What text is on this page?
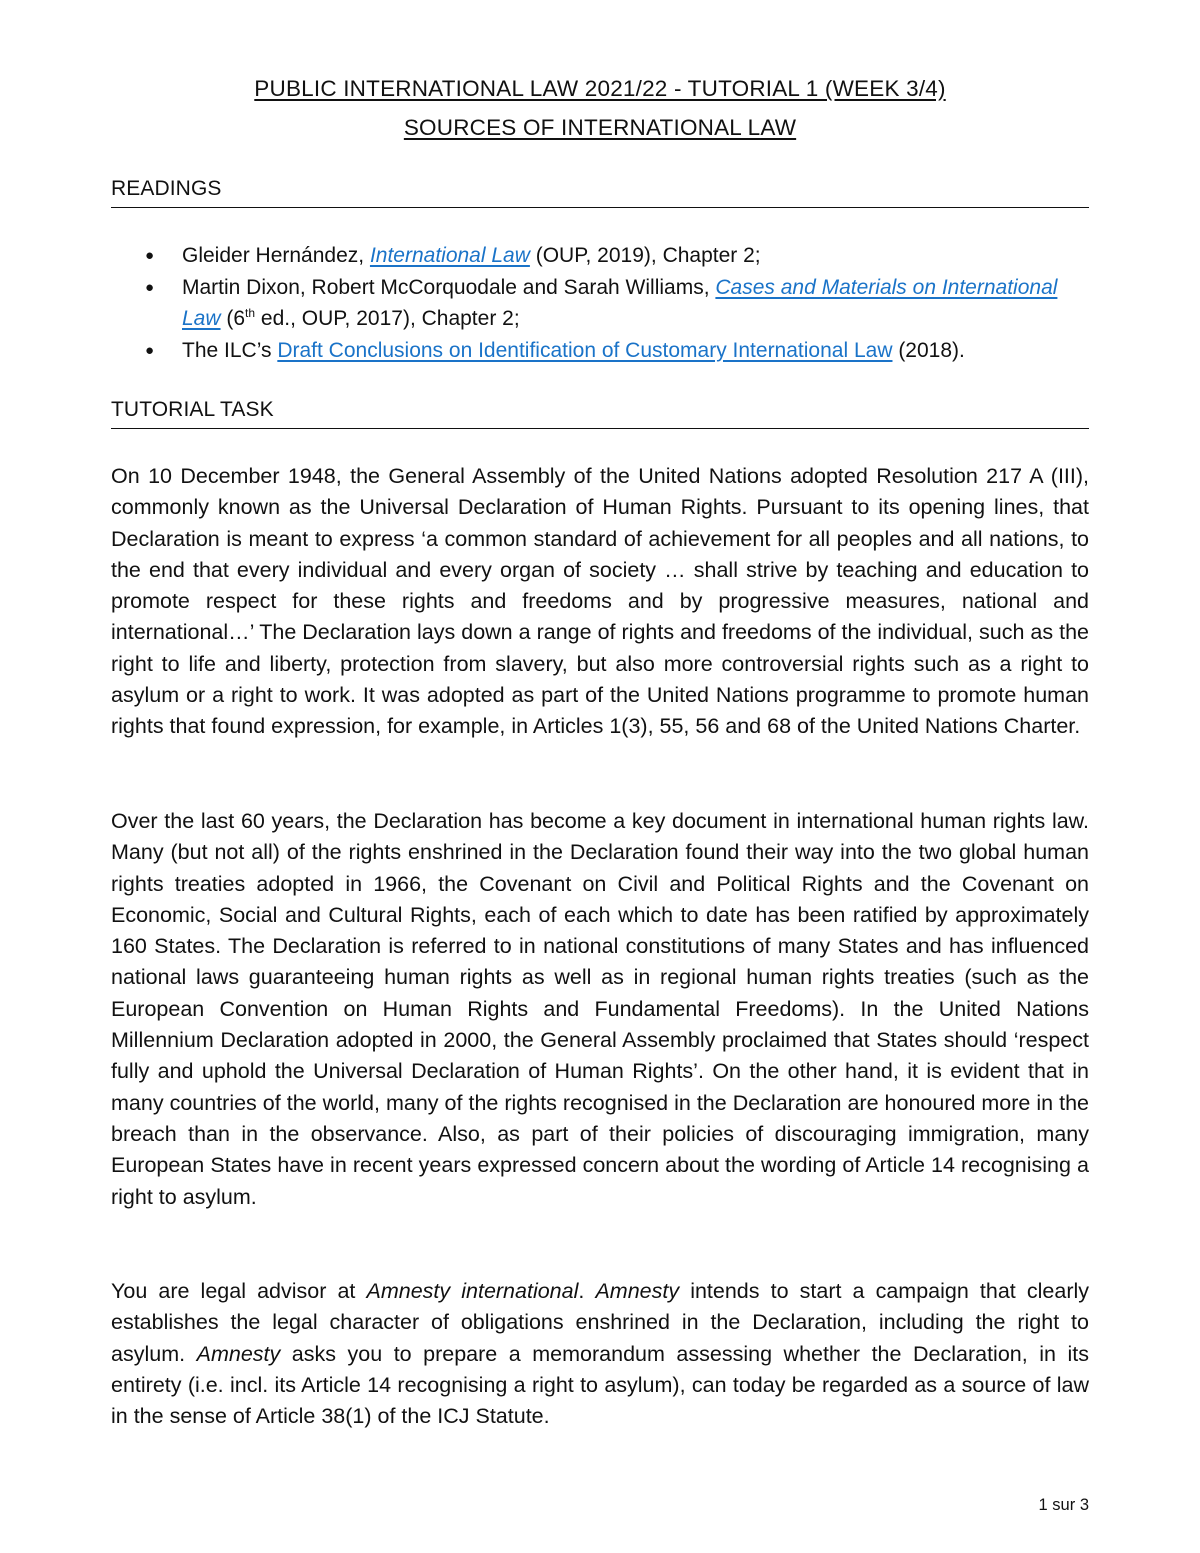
PUBLIC INTERNATIONAL LAW 2021/22 - TUTORIAL 1 (WEEK 3/4)
SOURCES OF INTERNATIONAL LAW
READINGS
● Gleider Hernández, International Law (OUP, 2019), Chapter 2;
● Martin Dixon, Robert McCorquodale and Sarah Williams, Cases and Materials on International Law (6th ed., OUP, 2017), Chapter 2;
● The ILC’s Draft Conclusions on Identification of Customary International Law (2018).
TUTORIAL TASK

On 10 December 1948, the General Assembly of the United Nations adopted Resolution 217 A (III), commonly known as the Universal Declaration of Human Rights. Pursuant to its opening lines, that Declaration is meant to express ‘a common standard of achievement for all peoples and all nations, to the end that every individual and every organ of society … shall strive by teaching and education to promote respect for these rights and freedoms and by progressive measures, national and international…’ The Declaration lays down a range of rights and freedoms of the individual, such as the right to life and liberty, protection from slavery, but also more controversial rights such as a right to asylum or a right to work. It was adopted as part of the United Nations programme to promote human rights that found expression, for example, in Articles 1(3), 55, 56 and 68 of the United Nations Charter.

Over the last 60 years, the Declaration has become a key document in international human rights law. Many (but not all) of the rights enshrined in the Declaration found their way into the two global human rights treaties adopted in 1966, the Covenant on Civil and Political Rights and the Covenant on Economic, Social and Cultural Rights, each of each which to date has been ratified by approximately 160 States. The Declaration is referred to in national constitutions of many States and has influenced national laws guaranteeing human rights as well as in regional human rights treaties (such as the European Convention on Human Rights and Fundamental Freedoms). In the United Nations Millennium Declaration adopted in 2000, the General Assembly proclaimed that States should ‘respect fully and uphold the Universal Declaration of Human Rights’. On the other hand, it is evident that in many countries of the world, many of the rights recognised in the Declaration are honoured more in the breach than in the observance. Also, as part of their policies of discouraging immigration, many European States have in recent years expressed concern about the wording of Article 14 recognising a right to asylum.

You are legal advisor at Amnesty international. Amnesty intends to start a campaign that clearly establishes the legal character of obligations enshrined in the Declaration, including the right to asylum. Amnesty asks you to prepare a memorandum assessing whether the Declaration, in its entirety (i.e. incl. its Article 14 recognising a right to asylum), can today be regarded as a source of law in the sense of Article 38(1) of the ICJ Statute.

1 sur 3
